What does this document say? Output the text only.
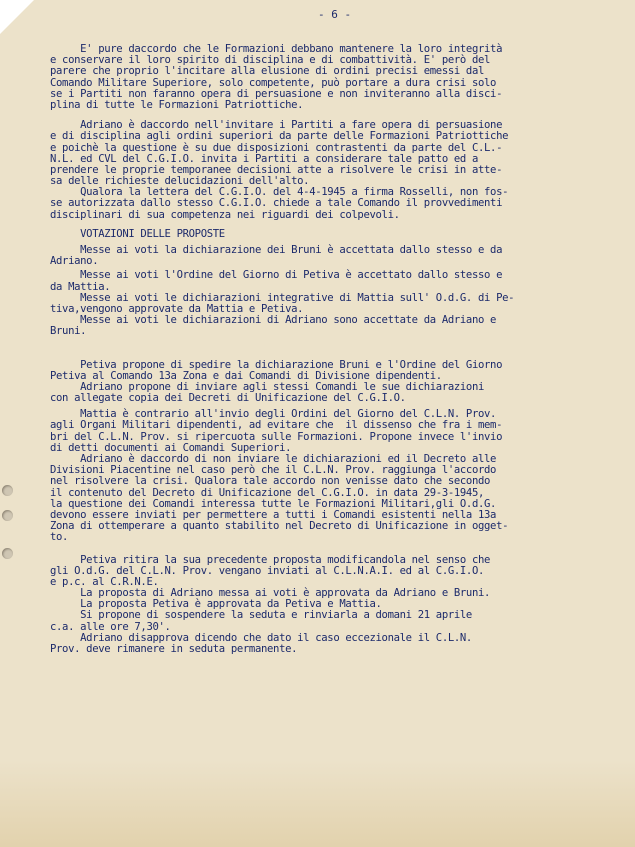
- 6 -
E' pure daccordo che le Formazioni debbano mantenere la loro integrità
e conservare il loro spirito di disciplina e di combattività. E' però del
parere che proprio l'incitare alla elusione di ordini precisi emessi dal
Comando Militare Superiore, solo competente, può portare a dura crisi solo
se i Partiti non faranno opera di persuasione e non inviteranno alla disci-
plina di tutte le Formazioni Patriottiche.
Adriano è daccordo nell'invitare i Partiti a fare opera di persuasione
e di disciplina agli ordini superiori da parte delle Formazioni Patriottiche
e poichè la questione è su due disposizioni contrastenti da parte del C.L.-
N.L. ed CVL del C.G.I.O. invita i Partiti a considerare tale patto ed a
prendere le proprie temporanee decisioni atte a risolvere le crisi in atte-
sa delle richieste delucidazioni dell'alto.
Qualora la lettera del C.G.I.O. del 4-4-1945 a firma Rosselli, non fos-
se autorizzata dallo stesso C.G.I.O. chiede a tale Comando il provvedimenti
disciplinari di sua competenza nei riguardi dei colpevoli.
VOTAZIONI DELLE PROPOSTE
Messe ai voti la dichiarazione dei Bruni è accettata dallo stesso e da
Adriano.
Messe ai voti l'Ordine del Giorno di Petiva è accettato dallo stesso e
da Mattia.
Messe ai voti le dichiarazioni integrative di Mattia sull' O.d.G. di Pe-
tiva,vengono approvate da Mattia e Petiva.
Messe ai voti le dichiarazioni di Adriano sono accettate da Adriano e
Bruni.
Petiva propone di spedire la dichiarazione Bruni e l'Ordine del Giorno
Petiva al Comando 13a Zona e dai Comandi di Divisione dipendenti.
Adriano propone di inviare agli stessi Comandi le sue dichiarazioni
con allegate copia dei Decreti di Unificazione del C.G.I.O.
Mattia è contrario all'invio degli Ordini del Giorno del C.L.N. Prov.
agli Organi Militari dipendenti, ad evitare che  il dissenso che fra i mem-
bri del C.L.N. Prov. si ripercuota sulle Formazioni. Propone invece l'invio
di detti documenti ai Comandi Superiori.
Adriano è daccordo di non inviare le dichiarazioni ed il Decreto alle
Divisioni Piacentine nel caso però che il C.L.N. Prov. raggiunga l'accordo
nel risolvere la crisi. Qualora tale accordo non venisse dato che secondo
il contenuto del Decreto di Unificazione del C.G.I.O. in data 29-3-1945,
la questione dei Comandi interessa tutte le Formazioni Militari,gli O.d.G.
devono essere inviati per permettere a tutti i Comandi esistenti nella 13a
Zona di ottemperare a quanto stabilito nel Decreto di Unificazione in ogget-
to.
Petiva ritira la sua precedente proposta modificandola nel senso che
gli O.d.G. del C.L.N. Prov. vengano inviati al C.L.N.A.I. ed al C.G.I.O.
e p.c. al C.R.N.E.
La proposta di Adriano messa ai voti è approvata da Adriano e Bruni.
La proposta Petiva è approvata da Petiva e Mattia.
Si propone di sospendere la seduta e rinviarla a domani 21 aprile
c.a. alle ore 7,30'.
Adriano disapprova dicendo che dato il caso eccezionale il C.L.N.
Prov. deve rimanere in seduta permanente.
